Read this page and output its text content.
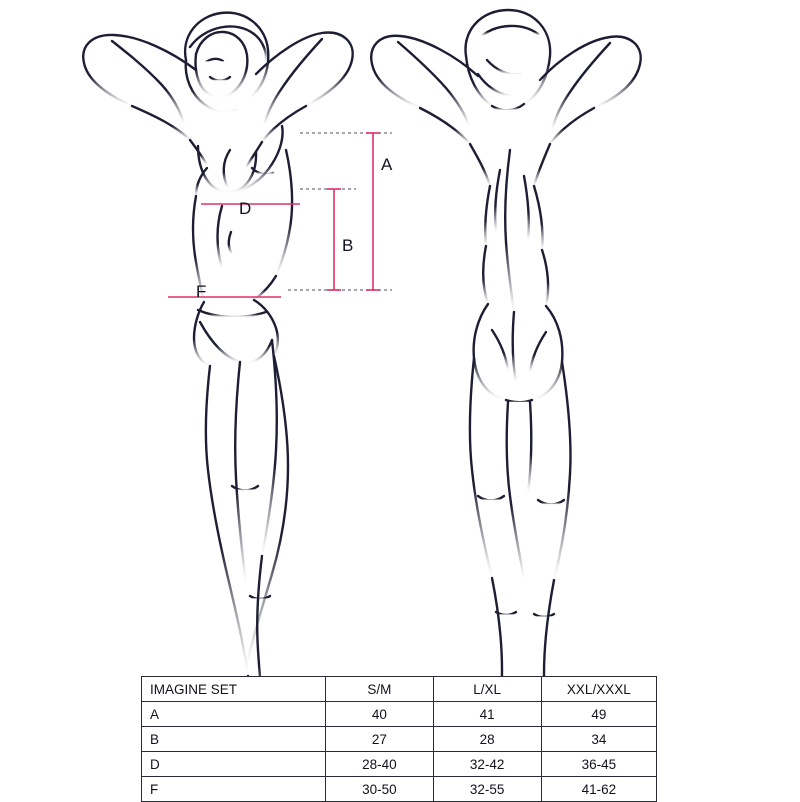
A
B
D
F
IMAGINE SET	S/M	L/XL	XXL/XXXL
A	40	41	49
B	27	28	34
D	28-40	32-42	36-45
F	30-50	32-55	41-62
